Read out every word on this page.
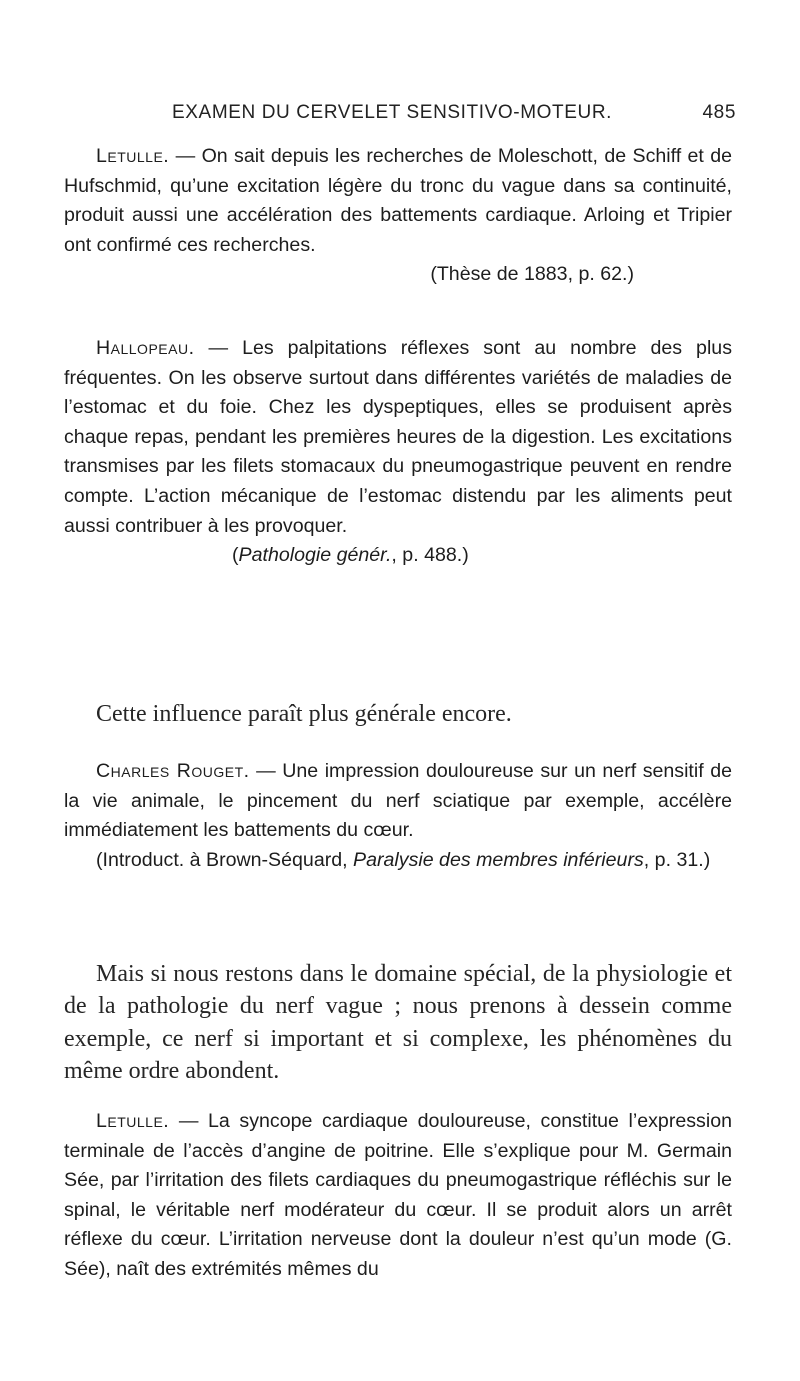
EXAMEN DU CERVELET SENSITIVO-MOTEUR.	485

Letulle. — On sait depuis les recherches de Moleschott, de Schiff et de Hufschmid, qu’une excitation légère du tronc du vague dans sa continuité, produit aussi une accélération des battements cardiaque. Arloing et Tripier ont confirmé ces recherches.

(Thèse de 1883, p. 62.)

Hallopeau. — Les palpitations réflexes sont au nombre des plus fréquentes. On les observe surtout dans différentes variétés de maladies de l’estomac et du foie. Chez les dyspeptiques, elles se produisent après chaque repas, pendant les premières heures de la digestion. Les excitations transmises par les filets stomacaux du pneumogastrique peuvent en rendre compte. L’action mécanique de l’estomac distendu par les aliments peut aussi contribuer à les provoquer.

(Pathologie génér., p. 488.)

Cette influence paraît plus générale encore.

Charles Rouget. — Une impression douloureuse sur un nerf sensitif de la vie animale, le pincement du nerf sciatique par exemple, accélère immédiatement les battements du cœur.

(Introduct. à Brown-Séquard, Paralysie des membres inférieurs, p. 31.)

Mais si nous restons dans le domaine spécial, de la physiologie et de la pathologie du nerf vague ; nous prenons à dessein comme exemple, ce nerf si important et si complexe, les phénomènes du même ordre abondent.

Letulle. — La syncope cardiaque douloureuse, constitue l’expression terminale de l’accès d’angine de poitrine. Elle s’explique pour M. Germain Sée, par l’irritation des filets cardiaques du pneumogastrique réfléchis sur le spinal, le véritable nerf modérateur du cœur. Il se produit alors un arrêt réflexe du cœur. L’irritation nerveuse dont la douleur n’est qu’un mode (G. Sée), naît des extrémités mêmes du
